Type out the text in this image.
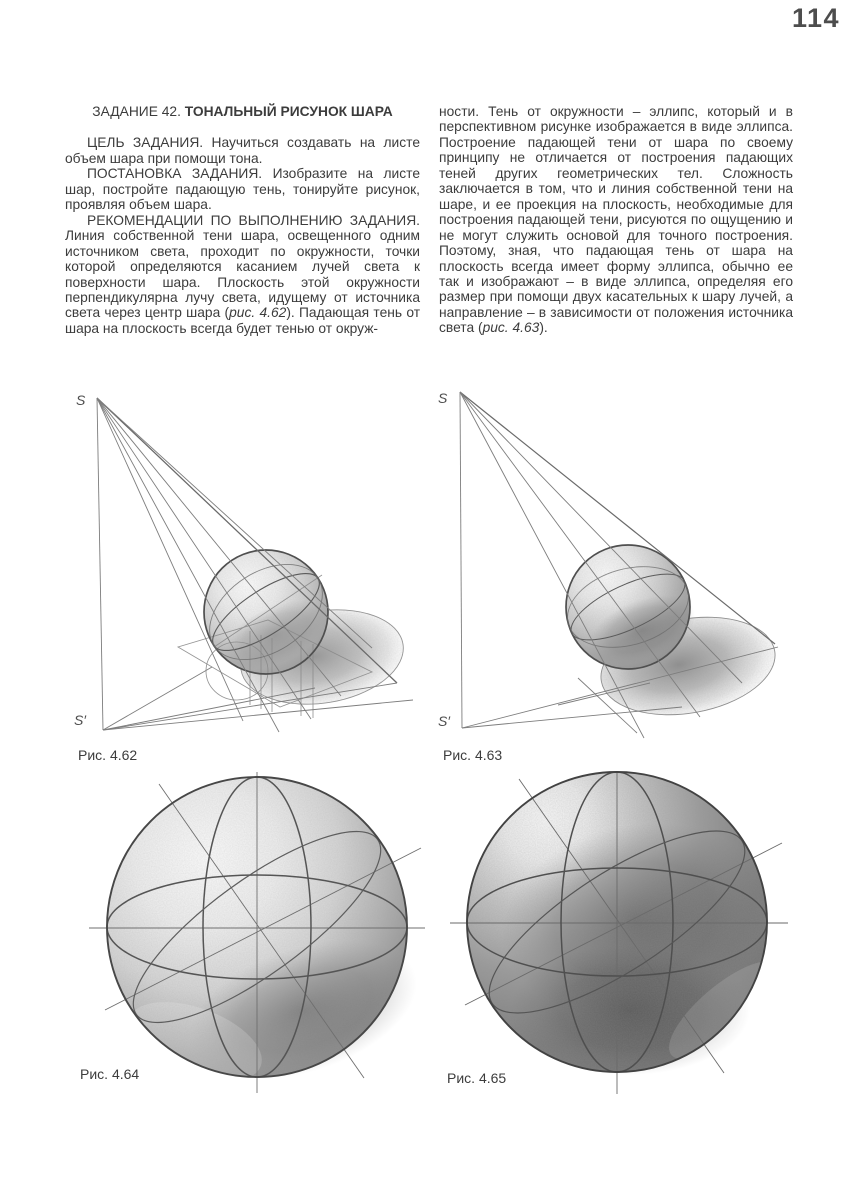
114

ЗАДАНИЕ 42. ТОНАЛЬНЫЙ РИСУНОК ШАРА

ЦЕЛЬ ЗАДАНИЯ. Научиться создавать на листе объем шара при помощи тона.

ПОСТАНОВКА ЗАДАНИЯ. Изобразите на листе шар, постройте падающую тень, тонируйте рисунок, проявляя объем шара.

РЕКОМЕНДАЦИИ ПО ВЫПОЛНЕНИЮ ЗАДАНИЯ. Линия собственной тени шара, освещенного одним источником света, проходит по окружности, точки которой определяются касанием лучей света к поверхности шара. Плоскость этой окружности перпендикулярна лучу света, идущему от источника света через центр шара (рис. 4.62). Падающая тень от шара на плоскость всегда будет тенью от окруж-

ности. Тень от окружности – эллипс, который и в перспективном рисунке изображается в виде эллипса. Построение падающей тени от шара по своему принципу не отличается от построения падающих теней других геометрических тел. Сложность заключается в том, что и линия собственной тени на шаре, и ее проекция на плоскость, необходимые для построения падающей тени, рисуются по ощущению и не могут служить основой для точного построения. Поэтому, зная, что падающая тень от шара на плоскость всегда имеет форму эллипса, обычно ее так и изображают – в виде эллипса, определяя его размер при помощи двух касательных к шару лучей, а направление – в зависимости от положения источника света (рис. 4.63).

S
S′
Рис. 4.62
S
S′
Рис. 4.63
Рис. 4.64	Рис. 4.65
